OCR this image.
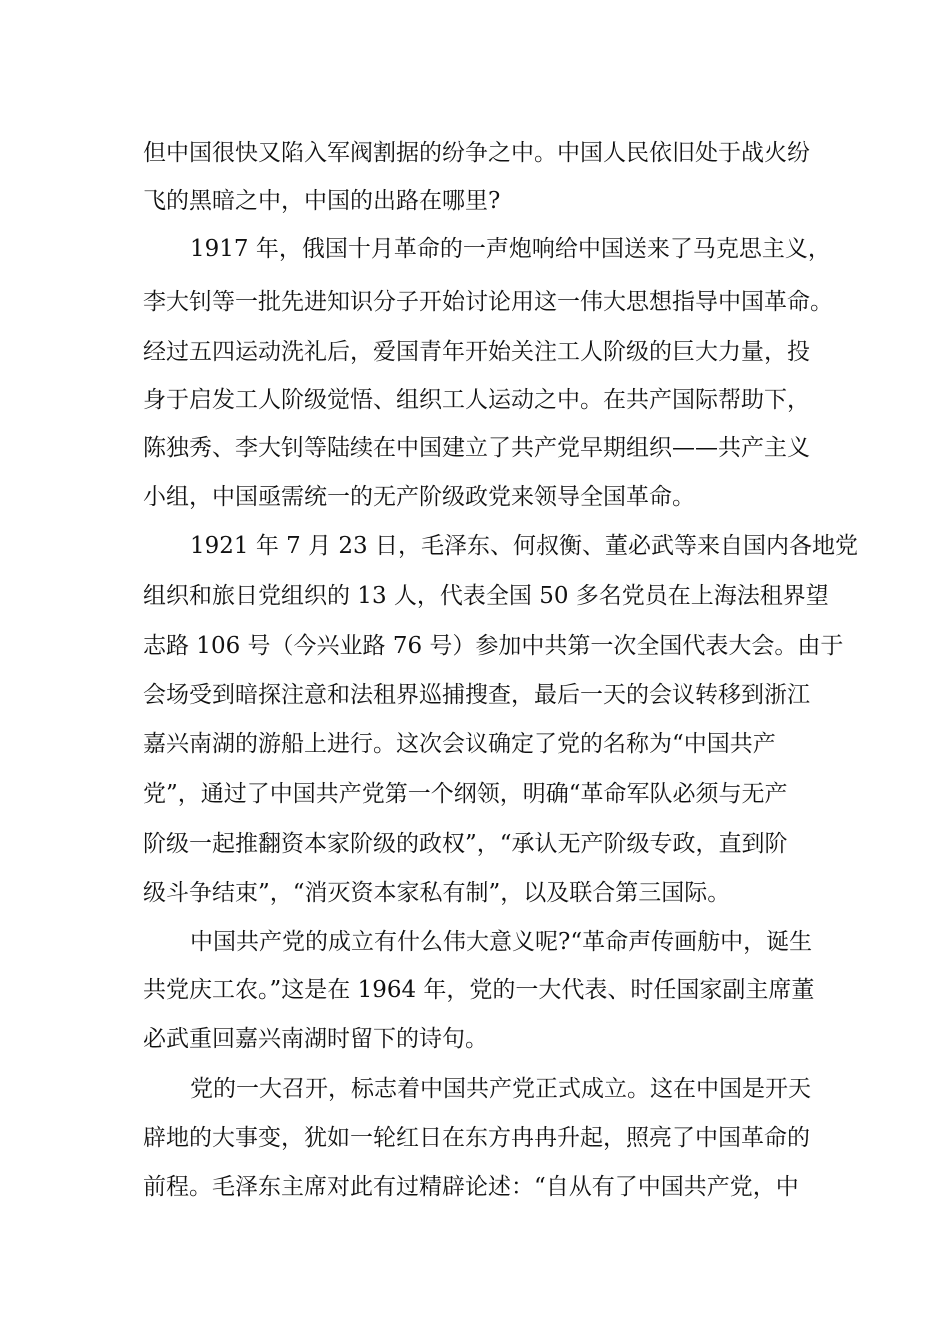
但中国很快又陷入军阀割据的纷争之中。中国人民依旧处于战火纷
飞的黑暗之中，中国的出路在哪里?
1917 年，俄国十月革命的一声炮响给中国送来了马克思主义，
李大钊等一批先进知识分子开始讨论用这一伟大思想指导中国革命。
经过五四运动洗礼后，爱国青年开始关注工人阶级的巨大力量，投
身于启发工人阶级觉悟、组织工人运动之中。在共产国际帮助下，
陈独秀、李大钊等陆续在中国建立了共产党早期组织——共产主义
小组，中国亟需统一的无产阶级政党来领导全国革命。
1921 年 7 月 23 日，毛泽东、何叔衡、董必武等来自国内各地党
组织和旅日党组织的 13 人，代表全国 50 多名党员在上海法租界望
志路 106 号（今兴业路 76 号）参加中共第一次全国代表大会。由于
会场受到暗探注意和法租界巡捕搜查，最后一天的会议转移到浙江
嘉兴南湖的游船上进行。这次会议确定了党的名称为“中国共产
党”，通过了中国共产党第一个纲领，明确“革命军队必须与无产
阶级一起推翻资本家阶级的政权”，“承认无产阶级专政，直到阶
级斗争结束”，“消灭资本家私有制”，以及联合第三国际。
中国共产党的成立有什么伟大意义呢?“革命声传画舫中，诞生
共党庆工农。”这是在 1964 年，党的一大代表、时任国家副主席董
必武重回嘉兴南湖时留下的诗句。
党的一大召开，标志着中国共产党正式成立。这在中国是开天
辟地的大事变，犹如一轮红日在东方冉冉升起，照亮了中国革命的
前程。毛泽东主席对此有过精辟论述：“自从有了中国共产党，中
